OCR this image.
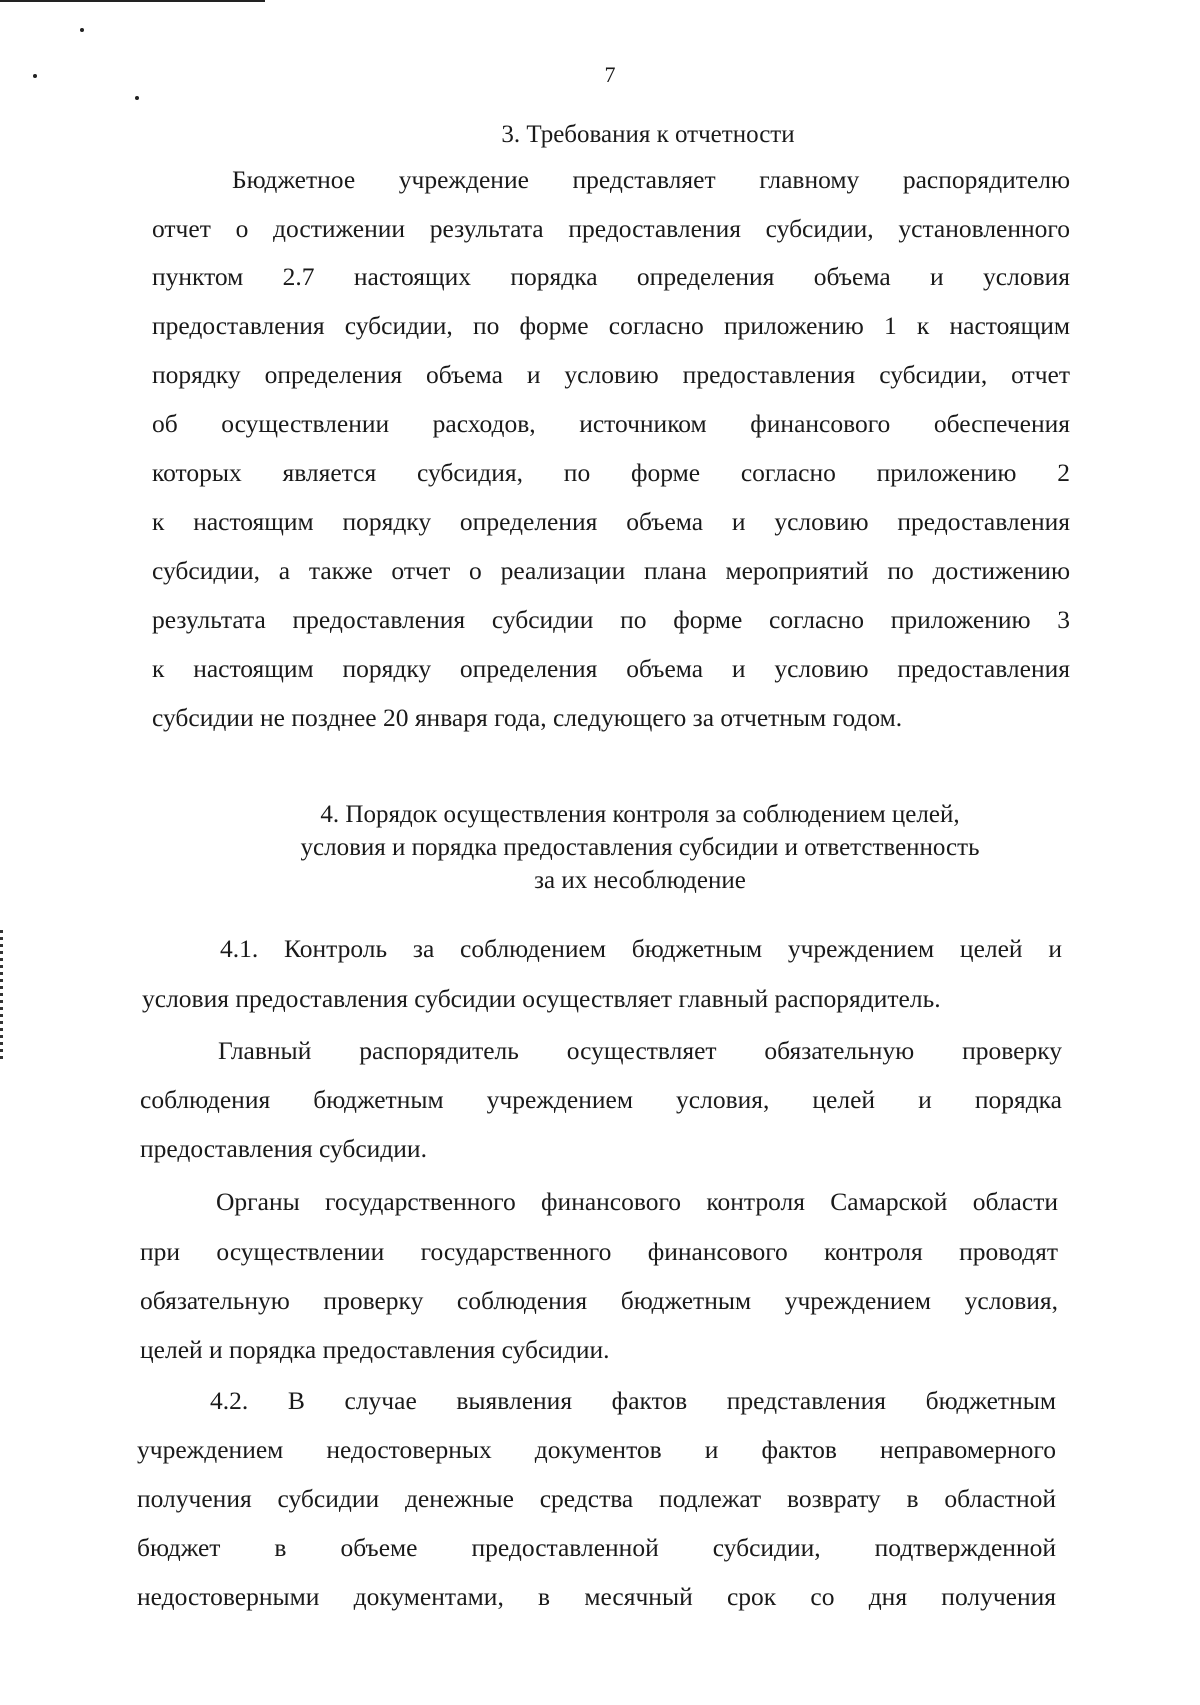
7
3. Требования к отчетности
Бюджетное учреждение представляет главному распорядителю
отчет о достижении результата предоставления субсидии, установленного
пунктом 2.7 настоящих порядка определения объема и условия
предоставления субсидии, по форме согласно приложению 1 к настоящим
порядку определения объема и условию предоставления субсидии, отчет
об осуществлении расходов, источником финансового обеспечения
которых является субсидия, по форме согласно приложению 2
к настоящим порядку определения объема и условию предоставления
субсидии, а также отчет о реализации плана мероприятий по достижению
результата предоставления субсидии по форме согласно приложению 3
к настоящим порядку определения объема и условию предоставления
субсидии не позднее 20 января года, следующего за отчетным годом.
4. Порядок осуществления контроля за соблюдением целей,
условия и порядка предоставления субсидии и ответственность
за их несоблюдение
4.1. Контроль за соблюдением бюджетным учреждением целей и
условия предоставления субсидии осуществляет главный распорядитель.
Главный распорядитель осуществляет обязательную проверку
соблюдения бюджетным учреждением условия, целей и порядка
предоставления субсидии.
Органы государственного финансового контроля Самарской области
при осуществлении государственного финансового контроля проводят
обязательную проверку соблюдения бюджетным учреждением условия,
целей и порядка предоставления субсидии.
4.2. В случае выявления фактов представления бюджетным
учреждением недостоверных документов и фактов неправомерного
получения субсидии денежные средства подлежат возврату в областной
бюджет в объеме предоставленной субсидии, подтвержденной
недостоверными документами, в месячный срок со дня получения
